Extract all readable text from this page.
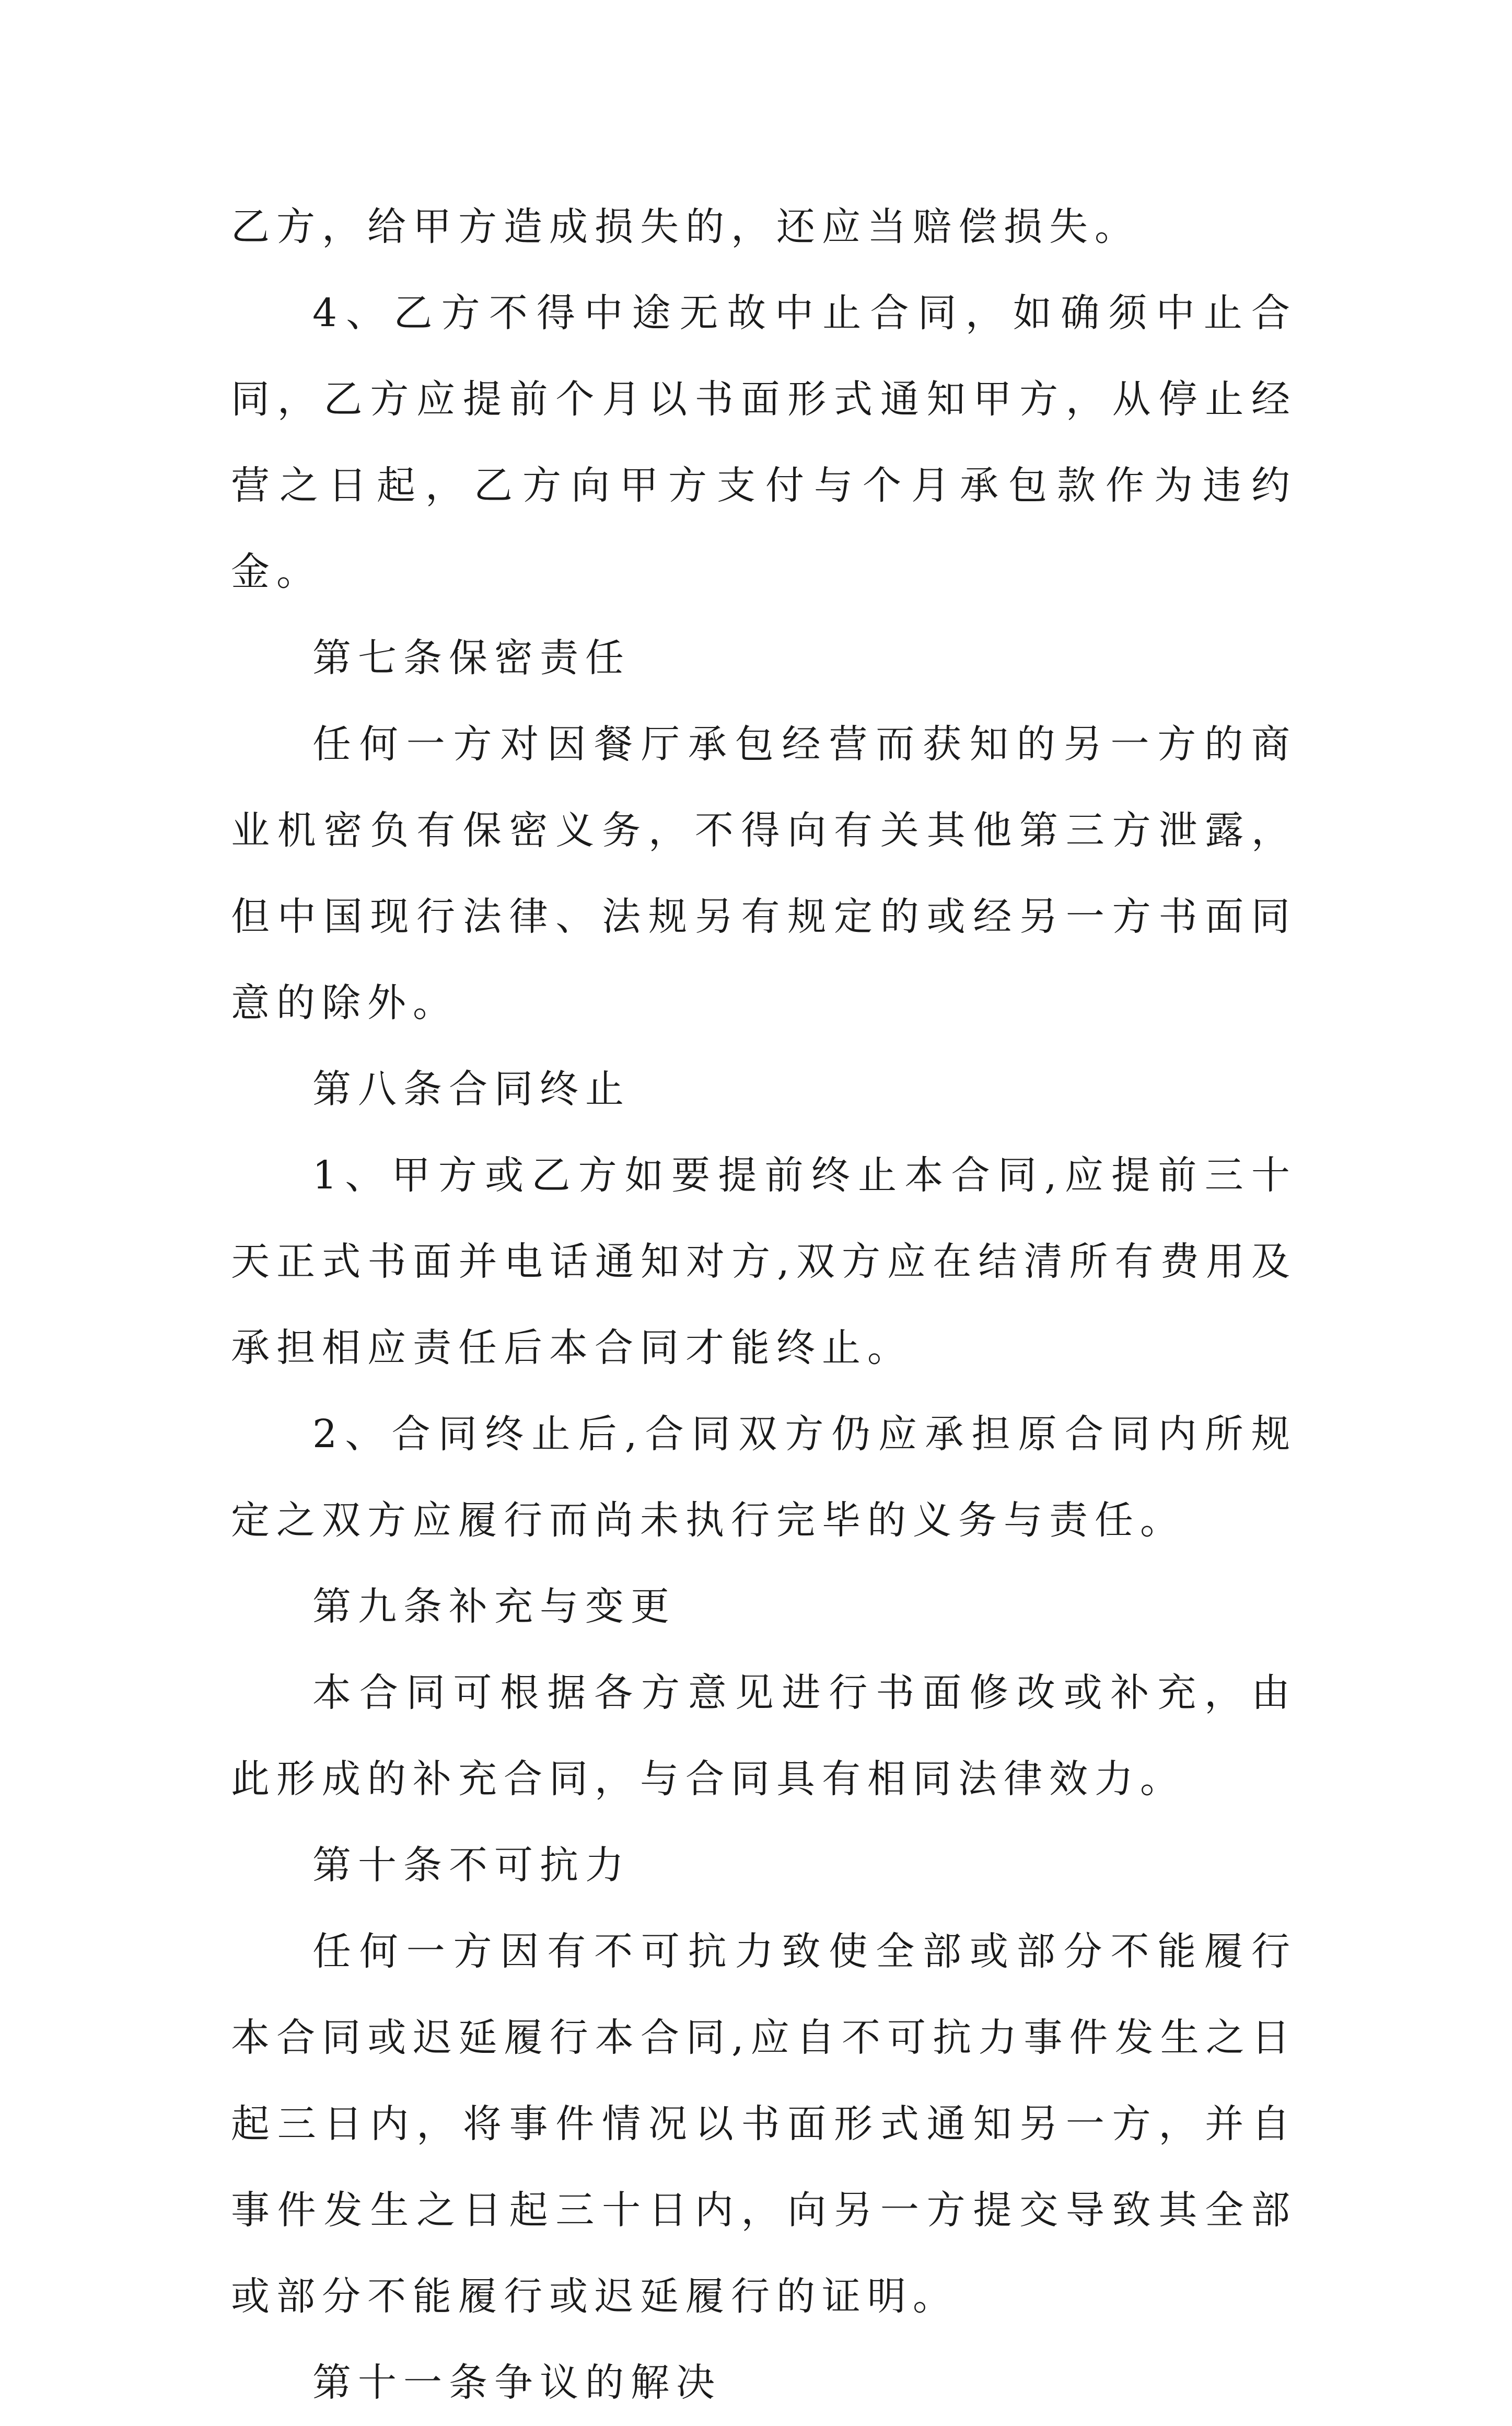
乙方，给甲方造成损失的，还应当赔偿损失。

4、乙方不得中途无故中止合同，如确须中止合同，乙方应提前个月以书面形式通知甲方，从停止经营之日起，乙方向甲方支付与个月承包款作为违约金。

第七条保密责任

任何一方对因餐厅承包经营而获知的另一方的商业机密负有保密义务，不得向有关其他第三方泄露，但中国现行法律、法规另有规定的或经另一方书面同意的除外。

第八条合同终止

1、甲方或乙方如要提前终止本合同,应提前三十天正式书面并电话通知对方,双方应在结清所有费用及承担相应责任后本合同才能终止。

2、合同终止后,合同双方仍应承担原合同内所规定之双方应履行而尚未执行完毕的义务与责任。

第九条补充与变更

本合同可根据各方意见进行书面修改或补充，由此形成的补充合同，与合同具有相同法律效力。

第十条不可抗力

任何一方因有不可抗力致使全部或部分不能履行本合同或迟延履行本合同,应自不可抗力事件发生之日起三日内，将事件情况以书面形式通知另一方，并自事件发生之日起三十日内，向另一方提交导致其全部或部分不能履行或迟延履行的证明。

第十一条争议的解决
